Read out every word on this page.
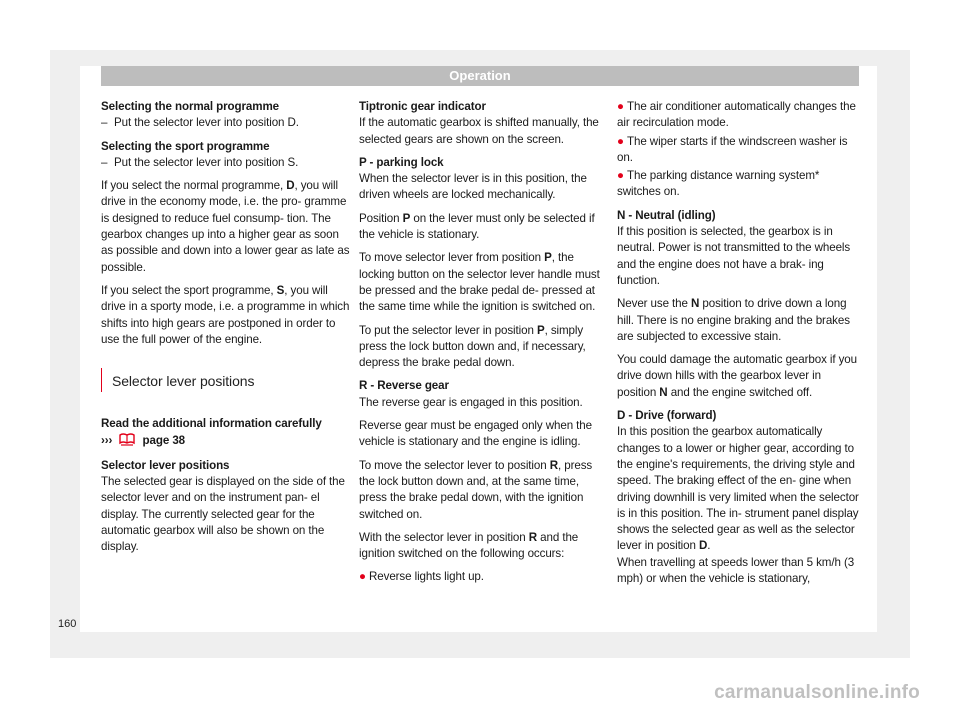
Operation

Selecting the normal programme

– Put the selector lever into position D.

Selecting the sport programme

– Put the selector lever into position S.

If you select the normal programme, D, you will drive in the economy mode, i.e. the pro- gramme is designed to reduce fuel consump- tion. The gearbox changes up into a higher gear as soon as possible and down into a lower gear as late as possible.

If you select the sport programme, S, you will drive in a sporty mode, i.e. a programme in which shifts into high gears are postponed in order to use the full power of the engine.

Selector lever positions

Read the additional information carefully

›››	page 38

Selector lever positions

The selected gear is displayed on the side of the selector lever and on the instrument pan- el display. The currently selected gear for the automatic gearbox will also be shown on the display.

Tiptronic gear indicator

If the automatic gearbox is shifted manually, the selected gears are shown on the screen.

P - parking lock

When the selector lever is in this position, the driven wheels are locked mechanically.

Position P on the lever must only be selected if the vehicle is stationary.

To move selector lever from position P, the locking button on the selector lever handle must be pressed and the brake pedal de- pressed at the same time while the ignition is switched on.

To put the selector lever in position P, simply press the lock button down and, if necessary, depress the brake pedal down.

R - Reverse gear

The reverse gear is engaged in this position.

Reverse gear must be engaged only when the vehicle is stationary and the engine is idling.

To move the selector lever to position R, press the lock button down and, at the same time, press the brake pedal down, with the ignition switched on.

With the selector lever in position R and the ignition switched on the following occurs:

● Reverse lights light up.

● The air conditioner automatically changes the air recirculation mode.

● The wiper starts if the windscreen washer is on.

● The parking distance warning system* switches on.

N - Neutral (idling)

If this position is selected, the gearbox is in neutral. Power is not transmitted to the wheels and the engine does not have a brak- ing function.

Never use the N position to drive down a long hill. There is no engine braking and the brakes are subjected to excessive stain.

You could damage the automatic gearbox if you drive down hills with the gearbox lever in position N and the engine switched off.

D - Drive (forward)

In this position the gearbox automatically changes to a lower or higher gear, according to the engine's requirements, the driving style and speed. The braking effect of the en- gine when driving downhill is very limited when the selector is in this position. The in- strument panel display shows the selected gear as well as the selector lever in position D.

When travelling at speeds lower than 5 km/h (3 mph) or when the vehicle is stationary,

160
carmanualsonline.info
